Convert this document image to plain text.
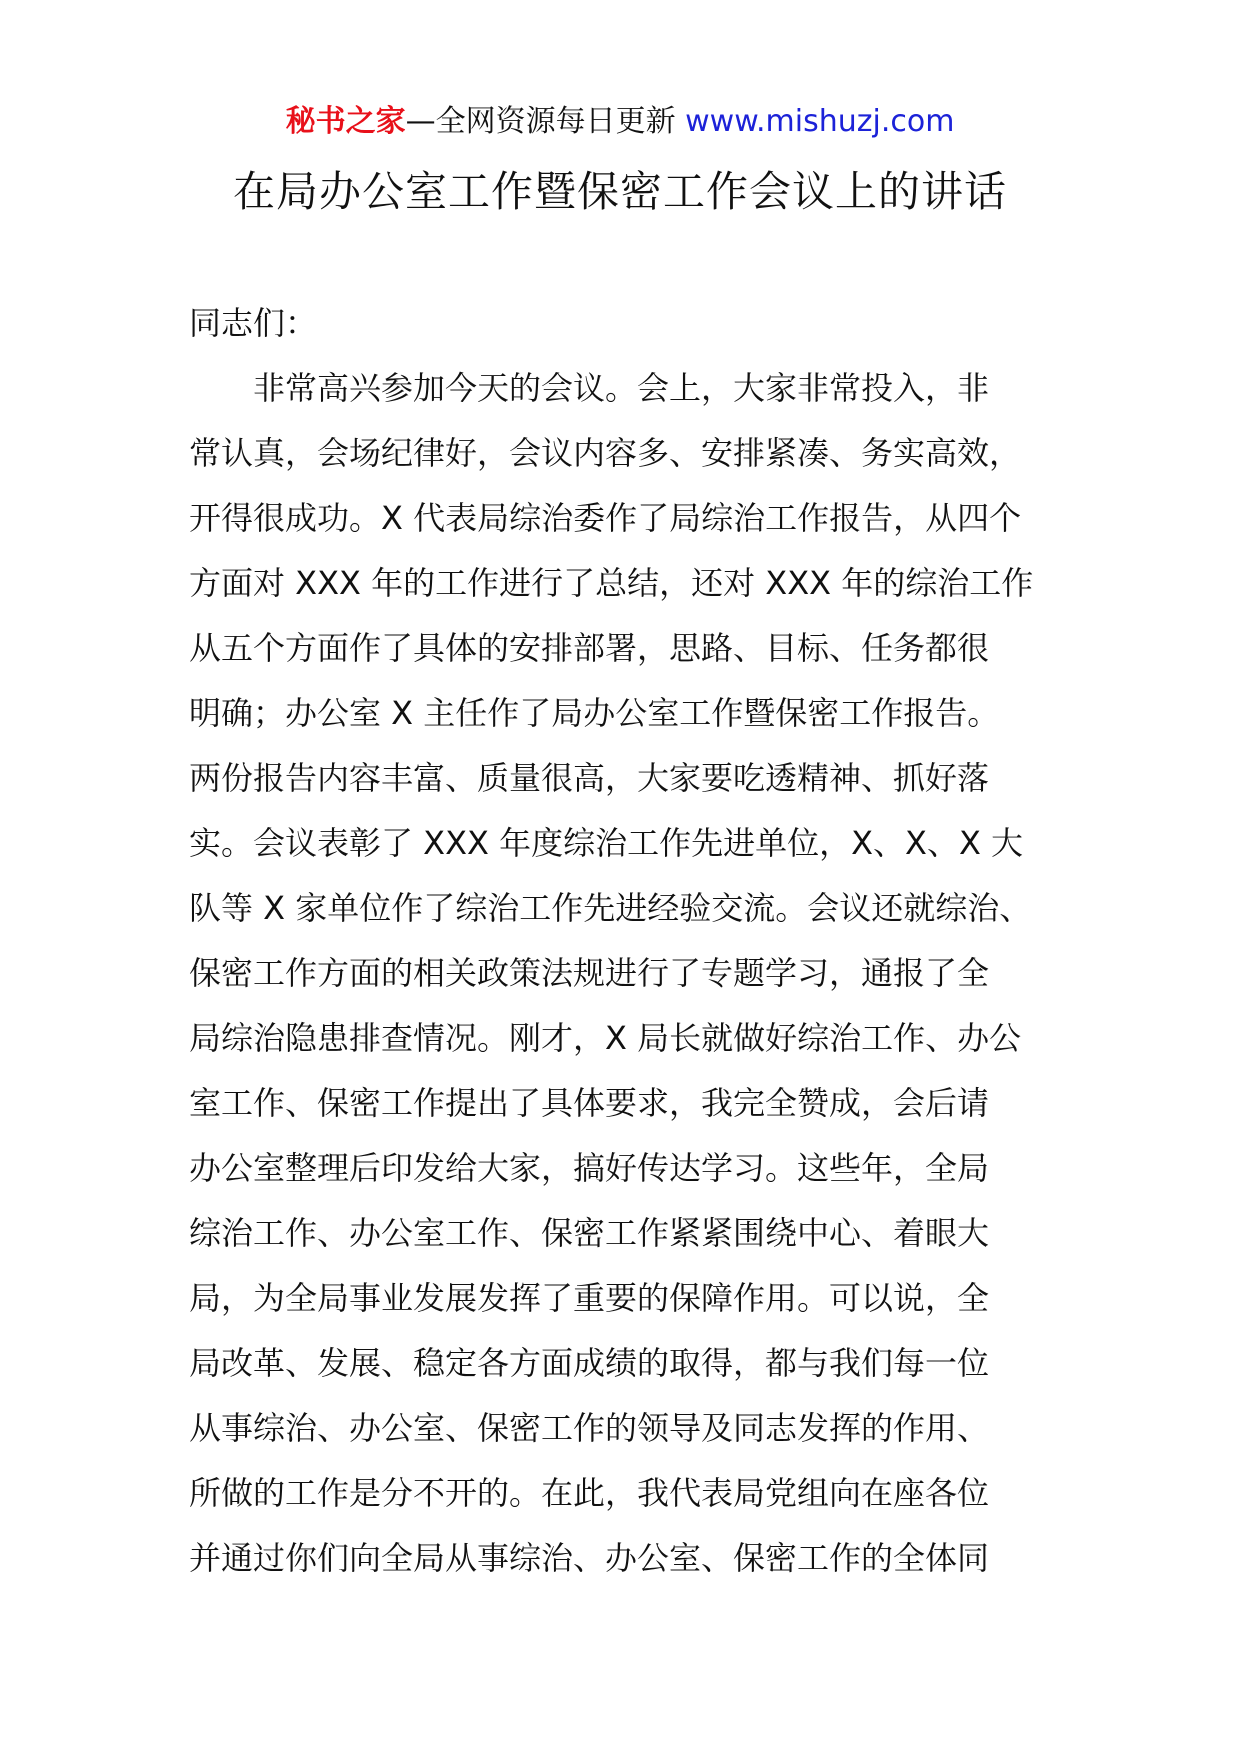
秘书之家—全网资源每日更新 www.mishuzj.com
在局办公室工作暨保密工作会议上的讲话

同志们：

非常高兴参加今天的会议。会上，大家非常投入，非
常认真，会场纪律好，会议内容多、安排紧凑、务实高效，
开得很成功。X 代表局综治委作了局综治工作报告，从四个
方面对 XXX 年的工作进行了总结，还对 XXX 年的综治工作
从五个方面作了具体的安排部署，思路、目标、任务都很
明确；办公室 X 主任作了局办公室工作暨保密工作报告。
两份报告内容丰富、质量很高，大家要吃透精神、抓好落
实。会议表彰了 XXX 年度综治工作先进单位，X、X、X 大
队等 X 家单位作了综治工作先进经验交流。会议还就综治、
保密工作方面的相关政策法规进行了专题学习，通报了全
局综治隐患排查情况。刚才，X 局长就做好综治工作、办公
室工作、保密工作提出了具体要求，我完全赞成，会后请
办公室整理后印发给大家，搞好传达学习。这些年，全局
综治工作、办公室工作、保密工作紧紧围绕中心、着眼大
局，为全局事业发展发挥了重要的保障作用。可以说，全
局改革、发展、稳定各方面成绩的取得，都与我们每一位
从事综治、办公室、保密工作的领导及同志发挥的作用、
所做的工作是分不开的。在此，我代表局党组向在座各位
并通过你们向全局从事综治、办公室、保密工作的全体同
